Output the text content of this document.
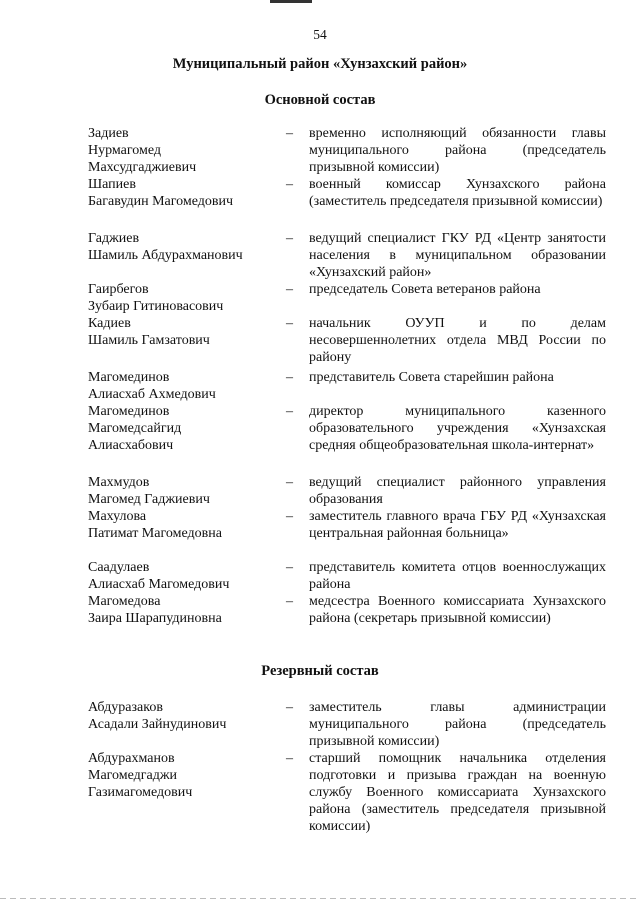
54
Муниципальный район «Хунзахский район»
Основной состав
Задиев
Нурмагомед
Махсудгаджиевич
–	временно исполняющий обязанности главы муниципального района (председатель призывной комиссии)
Шапиев
Багавудин Магомедович
–	военный комиссар Хунзахского района (заместитель председателя призывной комиссии)
Гаджиев
Шамиль Абдурахманович
–	ведущий специалист ГКУ РД «Центр занятости населения в муниципальном образовании «Хунзахский район»
Гаирбегов
Зубаир Гитиновасович
–	председатель Совета ветеранов района
Кадиев
Шамиль Гамзатович
–	начальник ОУУП и по делам несовершеннолетних отдела МВД России по району
Магомединов
Алиасхаб Ахмедович
–	представитель Совета старейшин района
Магомединов
Магомедсайгид
Алиасхабович
–	директор муниципального казенного образовательного учреждения «Хунзахская средняя общеобразовательная школа-интернат»
Махмудов
Магомед Гаджиевич
–	ведущий специалист районного управления образования
Махулова
Патимат Магомедовна
–	заместитель главного врача ГБУ РД «Хунзахская центральная районная больница»
Саадулаев
Алиасхаб Магомедович
–	представитель комитета отцов военнослужащих района
Магомедова
Заира Шарапудиновна
–	медсестра Военного комиссариата Хунзахского района (секретарь призывной комиссии)
Резервный состав
Абдуразаков
Асадали Зайнудинович
–	заместитель главы администрации муниципального района (председатель призывной комиссии)
Абдурахманов
Магомедгаджи
Газимагомедович
–	старший помощник начальника отделения подготовки и призыва граждан на военную службу Военного комиссариата Хунзахского района (заместитель председателя призывной комиссии)
